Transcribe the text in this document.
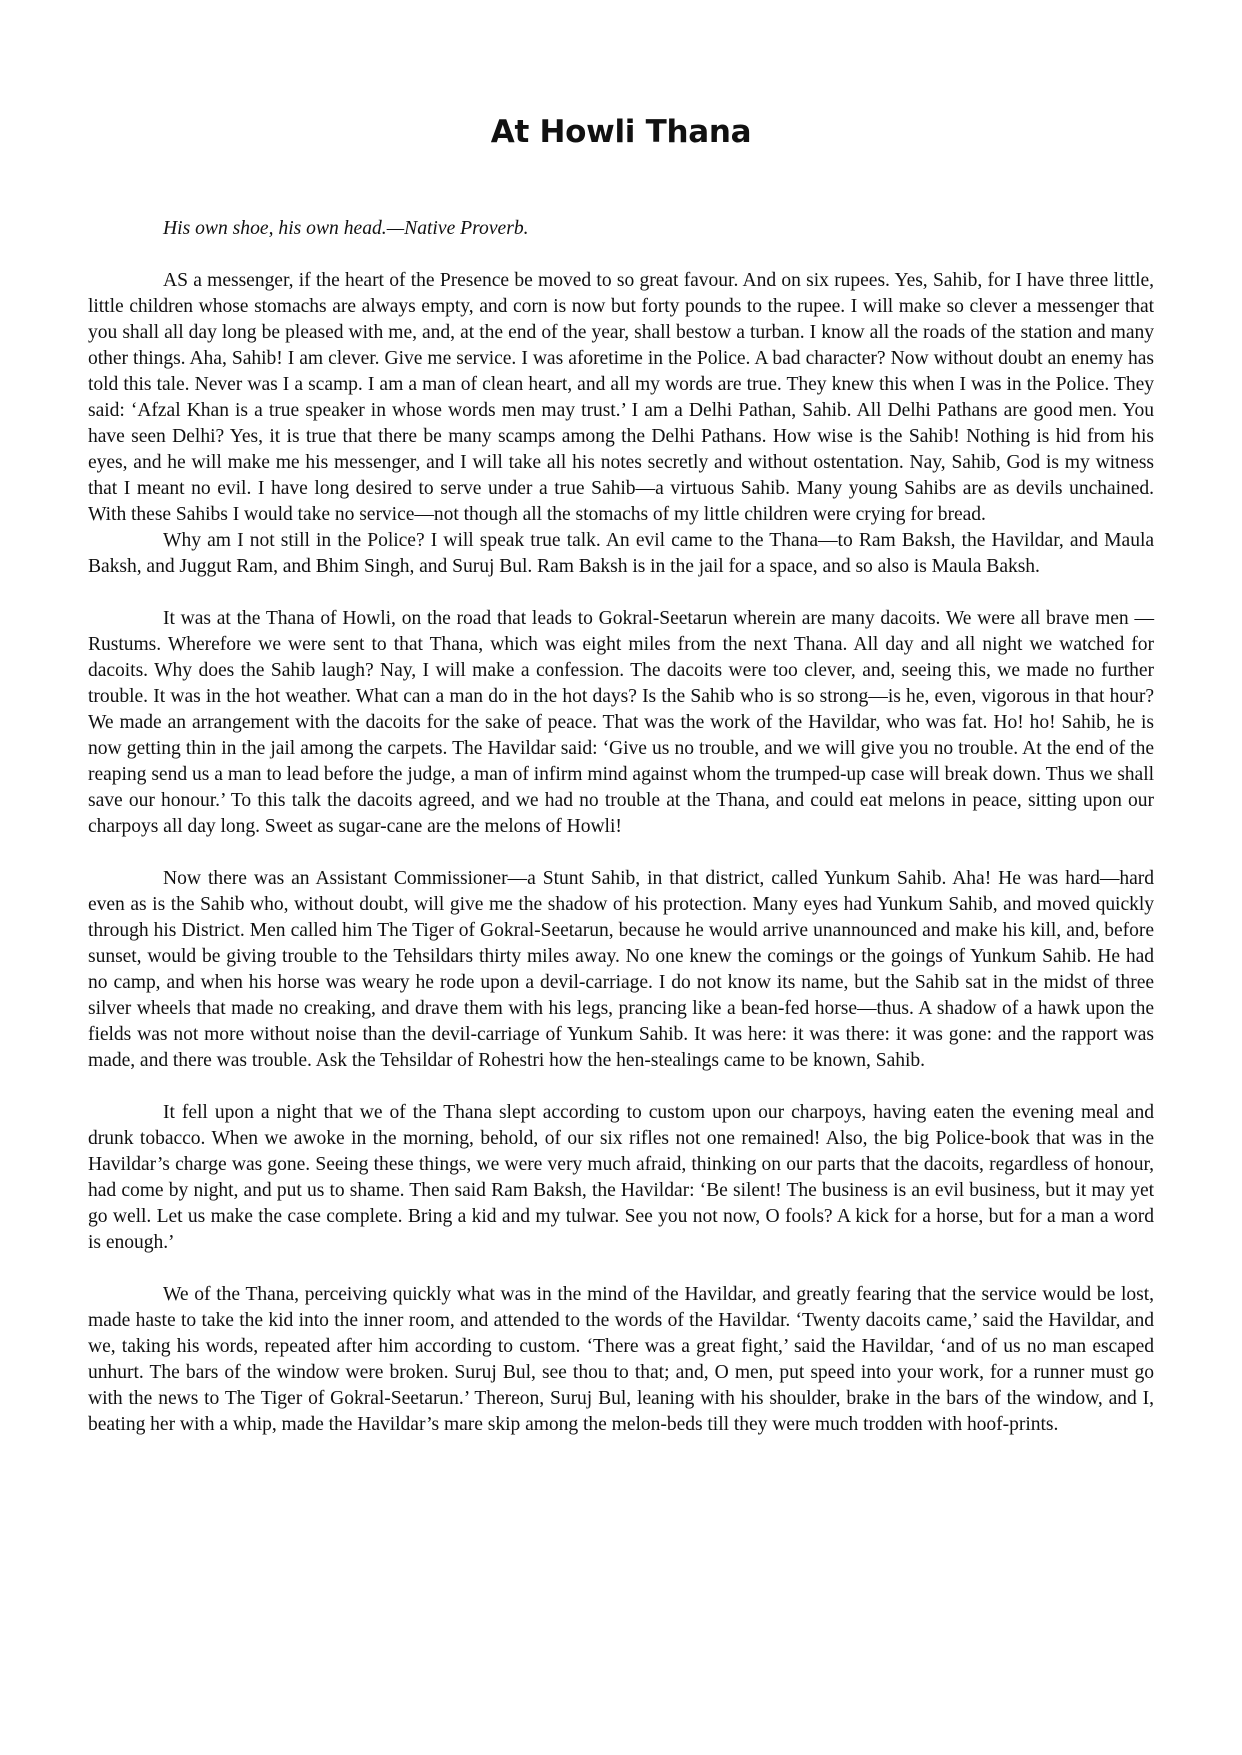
At Howli Thana

His own shoe, his own head.—Native Proverb.

AS a messenger, if the heart of the Presence be moved to so great favour. And on six rupees. Yes, Sahib, for I have three little, little children whose stomachs are always empty, and corn is now but forty pounds to the rupee. I will make so clever a messenger that you shall all day long be pleased with me, and, at the end of the year, shall bestow a turban. I know all the roads of the station and many other things. Aha, Sahib! I am clever. Give me service. I was aforetime in the Police. A bad character? Now without doubt an enemy has told this tale. Never was I a scamp. I am a man of clean heart, and all my words are true. They knew this when I was in the Police. They said: ‘Afzal Khan is a true speaker in whose words men may trust.’ I am a Delhi Pathan, Sahib. All Delhi Pathans are good men. You have seen Delhi? Yes, it is true that there be many scamps among the Delhi Pathans. How wise is the Sahib! Nothing is hid from his eyes, and he will make me his messenger, and I will take all his notes secretly and without ostentation. Nay, Sahib, God is my witness that I meant no evil. I have long desired to serve under a true Sahib—a virtuous Sahib. Many young Sahibs are as devils unchained. With these Sahibs I would take no service—not though all the stomachs of my little children were crying for bread.

Why am I not still in the Police? I will speak true talk. An evil came to the Thana—to Ram Baksh, the Havildar, and Maula Baksh, and Juggut Ram, and Bhim Singh, and Suruj Bul. Ram Baksh is in the jail for a space, and so also is Maula Baksh.

It was at the Thana of Howli, on the road that leads to Gokral-Seetarun wherein are many dacoits. We were all brave men — Rustums. Wherefore we were sent to that Thana, which was eight miles from the next Thana. All day and all night we watched for dacoits. Why does the Sahib laugh? Nay, I will make a confession. The dacoits were too clever, and, seeing this, we made no further trouble. It was in the hot weather. What can a man do in the hot days? Is the Sahib who is so strong—is he, even, vigorous in that hour? We made an arrangement with the dacoits for the sake of peace. That was the work of the Havildar, who was fat. Ho! ho! Sahib, he is now getting thin in the jail among the carpets. The Havildar said: ‘Give us no trouble, and we will give you no trouble. At the end of the reaping send us a man to lead before the judge, a man of infirm mind against whom the trumped-up case will break down. Thus we shall save our honour.’ To this talk the dacoits agreed, and we had no trouble at the Thana, and could eat melons in peace, sitting upon our charpoys all day long. Sweet as sugar-cane are the melons of Howli!

Now there was an Assistant Commissioner—a Stunt Sahib, in that district, called Yunkum Sahib. Aha! He was hard—hard even as is the Sahib who, without doubt, will give me the shadow of his protection. Many eyes had Yunkum Sahib, and moved quickly through his District. Men called him The Tiger of Gokral-Seetarun, because he would arrive unannounced and make his kill, and, before sunset, would be giving trouble to the Tehsildars thirty miles away. No one knew the comings or the goings of Yunkum Sahib. He had no camp, and when his horse was weary he rode upon a devil-carriage. I do not know its name, but the Sahib sat in the midst of three silver wheels that made no creaking, and drave them with his legs, prancing like a bean-fed horse—thus. A shadow of a hawk upon the fields was not more without noise than the devil-carriage of Yunkum Sahib. It was here: it was there: it was gone: and the rapport was made, and there was trouble. Ask the Tehsildar of Rohestri how the hen-stealings came to be known, Sahib.

It fell upon a night that we of the Thana slept according to custom upon our charpoys, having eaten the evening meal and drunk tobacco. When we awoke in the morning, behold, of our six rifles not one remained! Also, the big Police-book that was in the Havildar’s charge was gone. Seeing these things, we were very much afraid, thinking on our parts that the dacoits, regardless of honour, had come by night, and put us to shame. Then said Ram Baksh, the Havildar: ‘Be silent! The business is an evil business, but it may yet go well. Let us make the case complete. Bring a kid and my tulwar. See you not now, O fools? A kick for a horse, but for a man a word is enough.’

We of the Thana, perceiving quickly what was in the mind of the Havildar, and greatly fearing that the service would be lost, made haste to take the kid into the inner room, and attended to the words of the Havildar. ‘Twenty dacoits came,’ said the Havildar, and we, taking his words, repeated after him according to custom. ‘There was a great fight,’ said the Havildar, ‘and of us no man escaped unhurt. The bars of the window were broken. Suruj Bul, see thou to that; and, O men, put speed into your work, for a runner must go with the news to The Tiger of Gokral-Seetarun.’ Thereon, Suruj Bul, leaning with his shoulder, brake in the bars of the window, and I, beating her with a whip, made the Havildar’s mare skip among the melon-beds till they were much trodden with hoof-prints.
